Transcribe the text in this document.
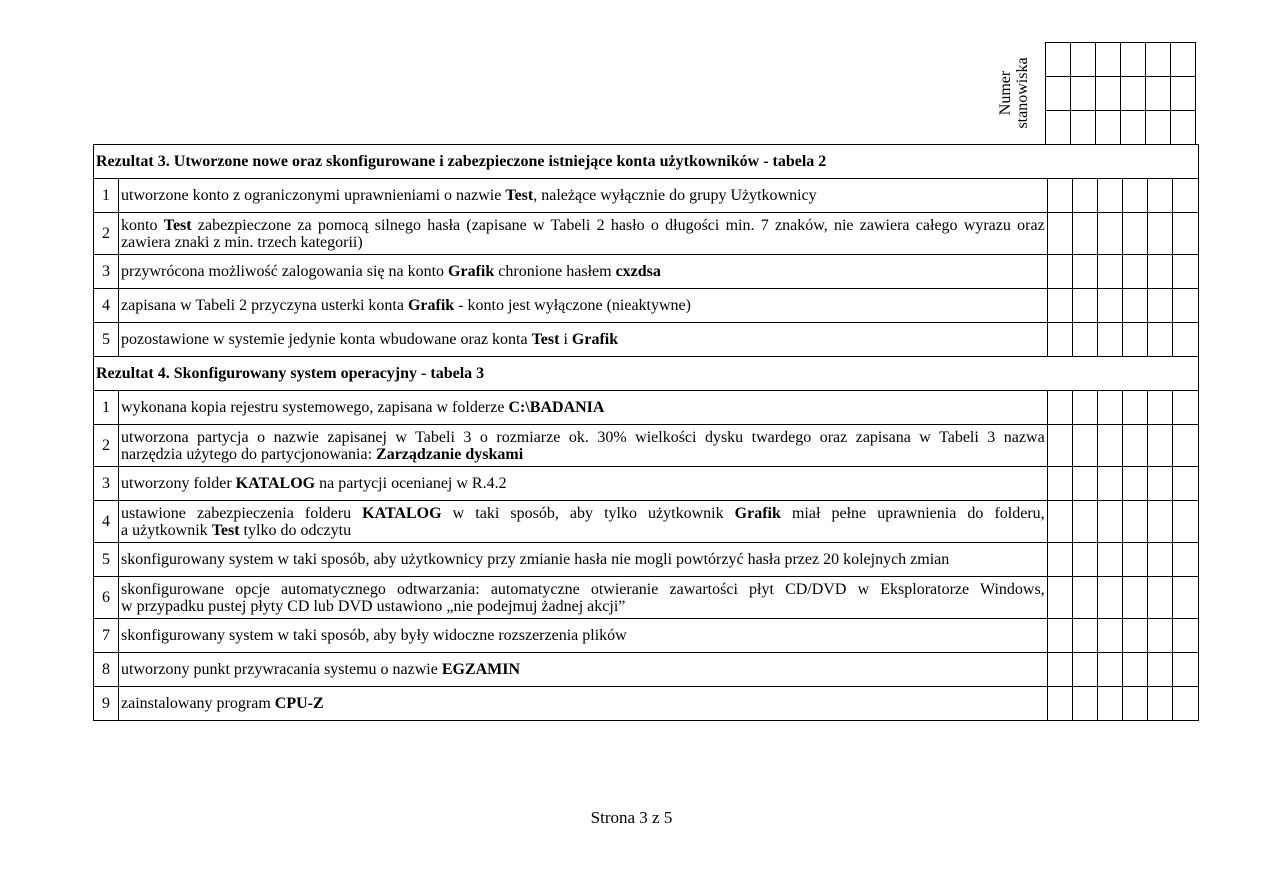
Numer stanowiska

Rezultat 3. Utworzone nowe oraz skonfigurowane i zabezpieczone istniejące konta użytkowników - tabela 2							
1	utworzone konto z ograniczonymi uprawnieniami o nazwie Test, należące wyłącznie do grupy Użytkownicy						

2	konto Test zabezpieczone za pomocą silnego hasła (zapisane w Tabeli 2 hasło o długości min. 7 znaków, nie zawiera całego wyrazu oraz
zawiera znaki z min. trzech kategorii)						

3	przywrócona możliwość zalogowania się na konto Grafik chronione hasłem cxzdsa						

4	zapisana w Tabeli 2 przyczyna usterki konta Grafik - konto jest wyłączone (nieaktywne)						

5	pozostawione w systemie jedynie konta wbudowane oraz konta Test i Grafik						

Rezultat 4. Skonfigurowany system operacyjny - tabela 3							
1	wykonana kopia rejestru systemowego, zapisana w folderze C:\BADANIA						

2	utworzona partycja o nazwie zapisanej w Tabeli 3 o rozmiarze ok. 30% wielkości dysku twardego oraz zapisana w Tabeli 3 nazwa
narzędzia użytego do partycjonowania: Zarządzanie dyskami						

3	utworzony folder KATALOG na partycji ocenianej w R.4.2						

4	ustawione zabezpieczenia folderu KATALOG w taki sposób, aby tylko użytkownik Grafik miał pełne uprawnienia do folderu,
a użytkownik Test tylko do odczytu						

5	skonfigurowany system w taki sposób, aby użytkownicy przy zmianie hasła nie mogli powtórzyć hasła przez 20 kolejnych zmian						

6	skonfigurowane opcje automatycznego odtwarzania: automatyczne otwieranie zawartości płyt CD/DVD w Eksploratorze Windows,
w przypadku pustej płyty CD lub DVD ustawiono „nie podejmuj żadnej akcji”						

7	skonfigurowany system w taki sposób, aby były widoczne rozszerzenia plików						

8	utworzony punkt przywracania systemu o nazwie EGZAMIN						

9	zainstalowany program CPU-Z						

Strona 3 z 5
